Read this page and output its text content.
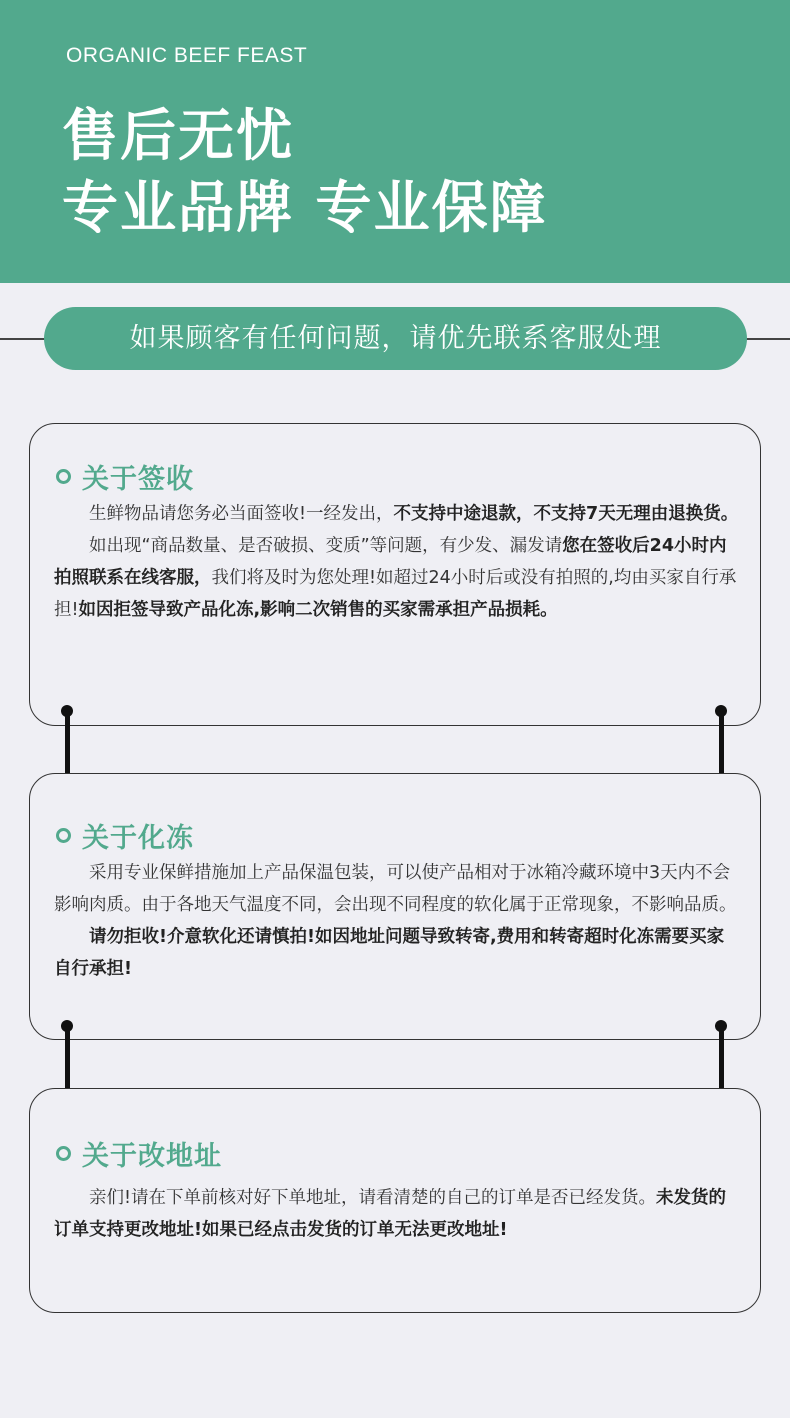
ORGANIC BEEF FEAST
售后无忧
专业品牌 专业保障
如果顾客有任何问题，请优先联系客服处理
关于签收

生鲜物品请您务必当面签收!一经发出，不支持中途退款，不支持7天无理由退换货。

如出现“商品数量、是否破损、变质”等问题，有少发、漏发请您在签收后24小时内拍照联系在线客服，我们将及时为您处理!如超过24小时后或没有拍照的,均由买家自行承担!如因拒签导致产品化冻,影响二次销售的买家需承担产品损耗。

关于化冻

采用专业保鲜措施加上产品保温包装，可以使产品相对于冰箱冷藏环境中3天内不会影响肉质。由于各地天气温度不同，会出现不同程度的软化属于正常现象，不影响品质。

请勿拒收!介意软化还请慎拍!如因地址问题导致转寄,费用和转寄超时化冻需要买家自行承担!

关于改地址

亲们!请在下单前核对好下单地址，请看清楚的自己的订单是否已经发货。未发货的订单支持更改地址!如果已经点击发货的订单无法更改地址!
